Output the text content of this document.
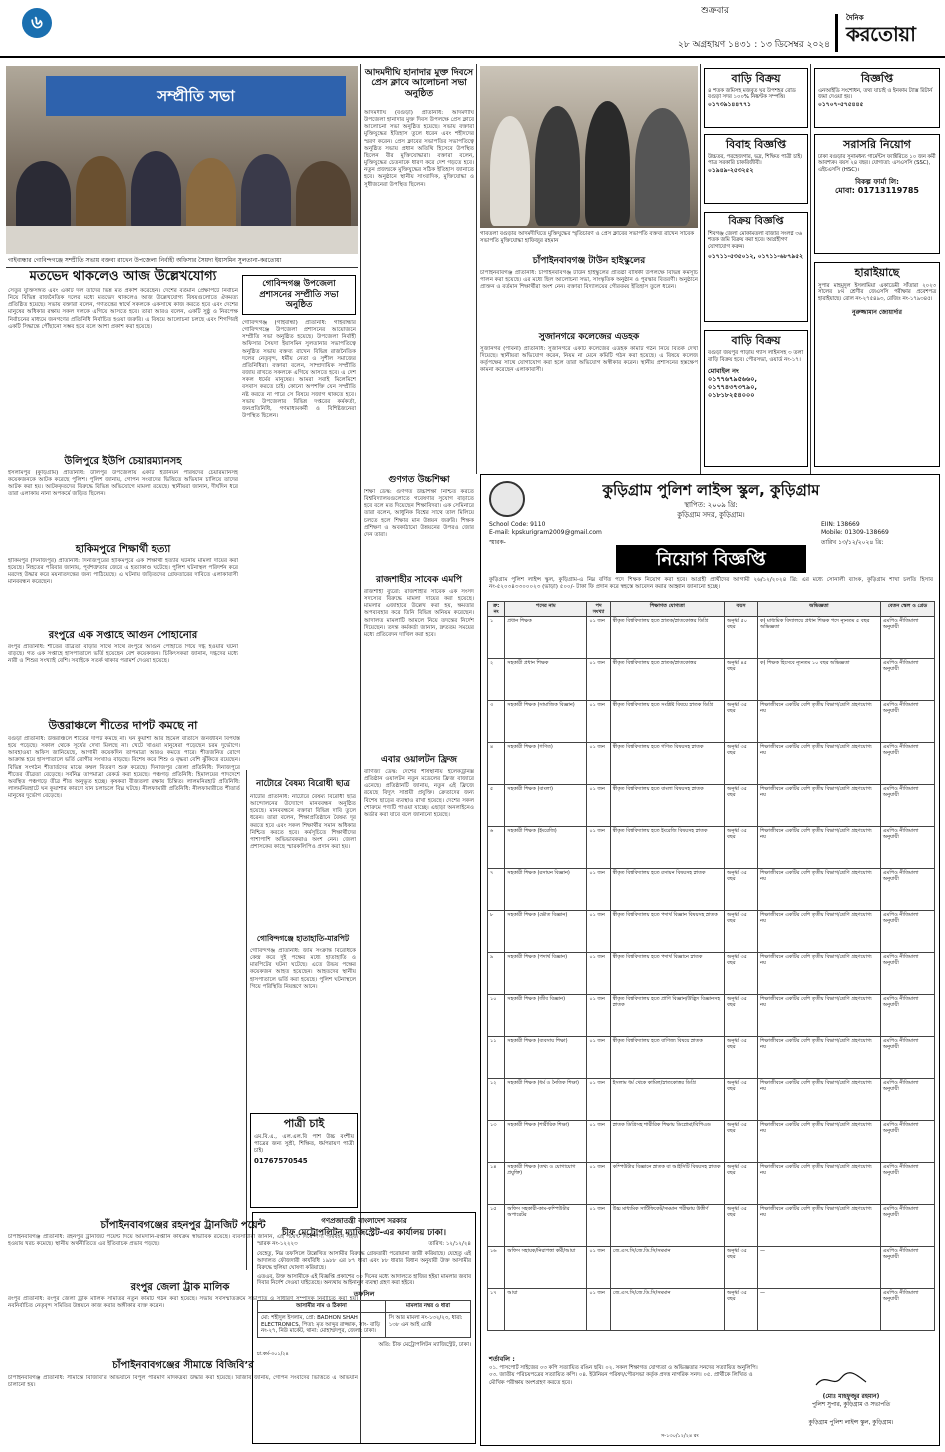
৬
শুক্রবার
২৮ অগ্রহায়ণ ১৪৩১ : ১৩ ডিসেম্বর ২০২৪
দৈনিক
করতোয়া
সম্প্রীতি সভা
গাইবান্ধার গোবিন্দগঞ্জে সম্প্রীতি সভায় বক্তব্য রাখেন উপজেলা নির্বাহী অফিসার সৈয়দা ইয়াসমিন সুলতানা-করতোয়া
মতভেদ থাকলেও আজ উল্লেখযোগ্য
সেতুর যুক্তিসঙ্গত এবং একটি দল তাদের ভিন্ন মত প্রকাশ করেছেন। দেশের বর্তমান প্রেক্ষাপটে নির্বাচন নিয়ে বিভিন্ন রাজনৈতিক দলের মধ্যে মতভেদ থাকলেও আজ উল্লেখযোগ্য বিষয়গুলোতে ঐকমত্য প্রতিষ্ঠিত হয়েছে। সভায় বক্তারা বলেন, গণতন্ত্রের স্বার্থে সকলকে একসাথে কাজ করতে হবে এবং দেশের মানুষের অধিকার রক্ষায় সকল দলকে এগিয়ে আসতে হবে। তারা আরও বলেন, একটি সুষ্ঠু ও নিরপেক্ষ নির্বাচনের মাধ্যমে জনগণের প্রতিনিধি নির্বাচিত হওয়া জরুরি। এ বিষয়ে আলোচনা চলছে এবং শিগগিরই একটি সিদ্ধান্তে পৌঁছানো সম্ভব হবে বলে আশা প্রকাশ করা হয়েছে।
গোবিন্দগঞ্জ উপজেলা প্রশাসনের সম্প্রীতি সভা অনুষ্ঠিত
গোবিন্দগঞ্জ (গাইবান্ধা) প্রতিনিধি: গাইবান্ধার গোবিন্দগঞ্জে উপজেলা প্রশাসনের আয়োজনে সম্প্রীতি সভা অনুষ্ঠিত হয়েছে। উপজেলা নির্বাহী অফিসার সৈয়দা ইয়াসমিন সুলতানার সভাপতিত্বে অনুষ্ঠিত সভায় বক্তব্য রাখেন বিভিন্ন রাজনৈতিক দলের নেতৃবৃন্দ, ধর্মীয় নেতা ও সুশীল সমাজের প্রতিনিধিরা। বক্তারা বলেন, সাম্প্রদায়িক সম্প্রীতি বজায় রাখতে সকলকে এগিয়ে আসতে হবে। এ দেশ সকল ধর্মের মানুষের। আমরা সবাই মিলেমিশে বসবাস করতে চাই। কোনো অপশক্তি যেন সম্প্রীতি নষ্ট করতে না পারে সে বিষয়ে সজাগ থাকতে হবে। সভায় উপজেলার বিভিন্ন দপ্তরের কর্মকর্তা, জনপ্রতিনিধি, গণমাধ্যমকর্মী ও বিশিষ্টজনেরা উপস্থিত ছিলেন।
উলিপুরে ইউপি চেয়ারম্যানসহ
ইসলামপুর (কুড়িগ্রাম) প্রতিনিধি: উলিপুর উপজেলায় একটি ইউনিয়ন পরিষদের চেয়ারম্যানসহ কয়েকজনকে আটক করেছে পুলিশ। পুলিশ জানায়, গোপন সংবাদের ভিত্তিতে অভিযান চালিয়ে তাদের আটক করা হয়। আটককৃতদের বিরুদ্ধে বিভিন্ন অভিযোগে মামলা রয়েছে। স্থানীয়রা জানান, দীর্ঘদিন ধরে তারা এলাকায় নানা অপকর্মে জড়িত ছিলেন।
হাকিমপুরে শিক্ষার্থী হত্যা
হাকিমপুর (দিনাজপুর) প্রতিনিধি: দিনাজপুরের হাকিমপুরে এক শিক্ষার্থী হত্যার ঘটনায় মামলা দায়ের করা হয়েছে। নিহতের পরিবার জানায়, পূর্বশত্রুতার জেরে এ হত্যাকাণ্ড ঘটেছে। পুলিশ ঘটনাস্থল পরিদর্শন করে মরদেহ উদ্ধার করে ময়নাতদন্তের জন্য পাঠিয়েছে। এ ঘটনায় জড়িতদের গ্রেফতারের দাবিতে এলাকাবাসী মানববন্ধন করেছেন।
রংপুরে এক সপ্তাহে আগুন পোহানোর
রংপুর প্রতিনিধি: শীতের তীব্রতা বাড়ার সাথে সাথে রংপুরে আগুন পোহাতে গিয়ে দগ্ধ হওয়ার ঘটনা বাড়ছে। গত এক সপ্তাহে হাসপাতালে ভর্তি হয়েছেন বেশ কয়েকজন। চিকিৎসকরা জানান, দগ্ধদের মধ্যে নারী ও শিশুর সংখ্যাই বেশি। সবাইকে সতর্ক থাকার পরামর্শ দেওয়া হয়েছে।
উত্তরাঞ্চলে শীতের দাপট কমছে না
বগুড়া প্রতিনিধি: উত্তরাঞ্চলে শীতের দাপট কমছে না। ঘন কুয়াশা আর হিমেল বাতাসে জনজীবন বিপর্যস্ত হয়ে পড়েছে। সকাল থেকে সূর্যের দেখা মিলছে না। খেটে খাওয়া মানুষেরা পড়েছেন চরম দুর্ভোগে। আবহাওয়া অফিস জানিয়েছে, আগামী কয়েকদিন তাপমাত্রা আরও কমতে পারে। শীতজনিত রোগে আক্রান্ত হয়ে হাসপাতালে ভর্তি রোগীর সংখ্যাও বাড়ছে। বিশেষ করে শিশু ও বৃদ্ধরা বেশি ঝুঁকিতে রয়েছেন। বিভিন্ন সংগঠন শীতার্তদের মাঝে কম্বল বিতরণ শুরু করেছে। দিনাজপুর জেলা প্রতিনিধি: দিনাজপুরে শীতের তীব্রতা বেড়েছে। সর্বনিম্ন তাপমাত্রা রেকর্ড করা হয়েছে। পঞ্চগড় প্রতিনিধি: হিমালয়ের পাদদেশে অবস্থিত পঞ্চগড়ে তীব্র শীত অনুভূত হচ্ছে। কৃষকরা বীজতলা রক্ষায় চিন্তিত। লালমনিরহাট প্রতিনিধি: লালমনিরহাটে ঘন কুয়াশার কারণে যান চলাচলে বিঘ্ন ঘটছে। নীলফামারী প্রতিনিধি: নীলফামারীতে শীতার্ত মানুষের দুর্ভোগ বেড়েছে।
নাটোরে বৈষম্য বিরোধী ছাত্র
নাটোর প্রতিনিধি: নাটোরে বৈষম্য বিরোধী ছাত্র আন্দোলনের উদ্যোগে মানববন্ধন অনুষ্ঠিত হয়েছে। মানববন্ধনে বক্তারা বিভিন্ন দাবি তুলে ধরেন। তারা বলেন, শিক্ষাপ্রতিষ্ঠানে বৈষম্য দূর করতে হবে এবং সকল শিক্ষার্থীর সমান অধিকার নিশ্চিত করতে হবে। কর্মসূচিতে শিক্ষার্থীদের পাশাপাশি অভিভাবকরাও অংশ নেন। জেলা প্রশাসকের কাছে স্মারকলিপিও প্রদান করা হয়।
গোবিন্দগঞ্জে হাতাহাতি-মারপিট
গোবিন্দগঞ্জ প্রতিনিধি: জমি সংক্রান্ত বিরোধকে কেন্দ্র করে দুই পক্ষের মধ্যে হাতাহাতি ও মারপিটের ঘটনা ঘটেছে। এতে উভয় পক্ষের কয়েকজন আহত হয়েছেন। আহতদের স্থানীয় হাসপাতালে ভর্তি করা হয়েছে। পুলিশ ঘটনাস্থলে গিয়ে পরিস্থিতি নিয়ন্ত্রণে আনে।
চাঁপাইনবাবগঞ্জের রহনপুর ট্রানজিট পয়েন্ট
চাঁপাইনবাবগঞ্জ প্রতিনিধি: রহনপুর ট্রানজিট পয়েন্ট দিয়ে আমদানি-রপ্তানি কার্যক্রম স্বাভাবিক রয়েছে। ব্যবসায়ীরা জানান, এই পয়েন্ট দিয়ে পণ্য পরিবহন সহজ হওয়ায় খরচ কমেছে। স্থানীয় অর্থনীতিতে এর ইতিবাচক প্রভাব পড়ছে।
রংপুর জেলা ট্রাক মালিক
রংপুর প্রতিনিধি: রংপুর জেলা ট্রাক মালিক সমিতির নতুন কমিটি গঠন করা হয়েছে। সভায় সর্বসম্মতিক্রমে সভাপতি ও সাধারণ সম্পাদক নির্বাচিত করা হয়। নবনির্বাচিত নেতৃবৃন্দ সমিতির উন্নয়নে কাজ করার অঙ্গীকার ব্যক্ত করেন।
চাঁপাইনবাবগঞ্জের সীমান্তে বিজিবি’র
চাঁপাইনবাবগঞ্জ প্রতিনিধি: সীমান্তে বিজিবি’র অভিযানে বিপুল পরিমাণ মাদকদ্রব্য উদ্ধার করা হয়েছে। বিজিবি জানায়, গোপন সংবাদের ভিত্তিতে এ অভিযান চালানো হয়।
পাত্রী চাই
এম.বি.এ., এল.এল.বি পাশ উচ্চ বংশীয় পাত্রের জন্য সুশ্রী, শিক্ষিত, ধর্মপরায়ণ পাত্রী চাই।
01767570545
আদমদীঘি হানাদার মুক্ত দিবসে প্রেস ক্লাবে আলোচনা সভা অনুষ্ঠিত
আদমদীঘি (বগুড়া) প্রতিনিধি: আদমদীঘি উপজেলা হানাদার মুক্ত দিবস উপলক্ষে প্রেস ক্লাবে আলোচনা সভা অনুষ্ঠিত হয়েছে। সভায় বক্তারা মুক্তিযুদ্ধের ইতিহাস তুলে ধরেন এবং শহীদদের স্মরণ করেন। প্রেস ক্লাবের সভাপতির সভাপতিত্বে অনুষ্ঠিত সভায় প্রধান অতিথি হিসেবে উপস্থিত ছিলেন বীর মুক্তিযোদ্ধারা। বক্তারা বলেন, মুক্তিযুদ্ধের চেতনাকে ধারণ করে দেশ গড়তে হবে। নতুন প্রজন্মকে মুক্তিযুদ্ধের সঠিক ইতিহাস জানাতে হবে। অনুষ্ঠানে স্থানীয় সাংবাদিক, মুক্তিযোদ্ধা ও সুধীজনেরা উপস্থিত ছিলেন।
গাবতলা বগুড়ার আদমদীঘিতে মুক্তিযুদ্ধের স্মৃতিচারণ ও প্রেস ক্লাবের সভাপতি বক্তব্য রাখেন সাবেক সভাপতি মুক্তিযোদ্ধা হাফিজুর রহমান
চাঁপাইনবাবগঞ্জ টাউন হাইস্কুলের
চাঁপাইনবাবগঞ্জ প্রতিনিধি: চাঁপাইনবাবগঞ্জ টাউন হাইস্কুলের প্রতিষ্ঠা বার্ষিকী উপলক্ষে বিভিন্ন কর্মসূচি পালন করা হয়েছে। এর মধ্যে ছিল আলোচনা সভা, সাংস্কৃতিক অনুষ্ঠান ও পুরস্কার বিতরণী। অনুষ্ঠানে প্রাক্তন ও বর্তমান শিক্ষার্থীরা অংশ নেন। বক্তারা বিদ্যালয়ের গৌরবময় ইতিহাস তুলে ধরেন।
সুজানগরে কলেজের এডহক
সুজানগর (পাবনা) প্রতিনিধি: সুজানগরে একটি কলেজের এডহক কমিটি গঠন নিয়ে বিতর্ক দেখা দিয়েছে। স্থানীয়রা অভিযোগ করেন, নিয়ম না মেনে কমিটি গঠন করা হয়েছে। এ বিষয়ে কলেজ কর্তৃপক্ষের সাথে যোগাযোগ করা হলে তারা অভিযোগ অস্বীকার করেন। স্থানীয় প্রশাসনের হস্তক্ষেপ কামনা করেছেন এলাকাবাসী।
গুণগত উচ্চশিক্ষা
শিক্ষা ডেস্ক: গুণগত উচ্চশিক্ষা নিশ্চিত করতে বিশ্ববিদ্যালয়গুলোতে গবেষণার সুযোগ বাড়াতে হবে বলে মত দিয়েছেন শিক্ষাবিদরা। এক সেমিনারে তারা বলেন, আধুনিক বিশ্বের সাথে তাল মিলিয়ে চলতে হলে শিক্ষার মান উন্নয়ন জরুরি। শিক্ষক প্রশিক্ষণ ও অবকাঠামো উন্নয়নের উপরও জোর দেন তারা।
বাড়ি বিক্রয়
৪ শতক জমিসহ মজবুত ঘর উপশহর রোড বগুড়া সদর ১০০% নিষ্কণ্টক সম্পত্তি।
০১৭৩৯১৪৪৭৭১
বিজ্ঞপ্তি
এনআইডি সংশোধন, তথ্য যাচাই ও ইনকাম ট্যাক্স রিটার্ন জমা দেওয়া হয়।
০১৭০৭-৫৭৫৪৪৫
বিবাহ বিজ্ঞপ্তি
উচ্চতর, পরহেজগার, ভদ্র, শিক্ষিত পাত্রী চাই। পাত্র সরকারি চাকরিজীবী।
০১৯৪৯-২৫৩২৫২
সরাসরি নিয়োগ
ঢাকা বগুড়ার সুনামধন্য গার্মেন্টস ফ্যাক্টরিতে ১০ জন কর্মী আবশ্যক। বয়স ২৪ বছর। যোগ্যতা: এসএসসি (SSC), এইচএসসি (HSC)।
বিকল্প ফার্মা লি:
মোবা: 01713119785
বিক্রয় বিজ্ঞপ্তি
শিবগঞ্জ জেলা মোকামতলা বাজার সংলগ্ন ৩৬ শতক জমি বিক্রয় করা হবে। আগ্রহীগণ যোগাযোগ করুন।
০১৭১১-৫৩৫০১২, ০১৭১১-৬৮৭৯৫২
হারাইয়াছে
সুপার মাহমুদুল ইসলামিয়া একাডেমী সাঁতারা ২০২৩ সালের ৮ম শ্রেণীর জেএসসি পরীক্ষার প্রবেশপত্র হারাইয়াছে। রোল নং-২৭৫৪৯৩, রেজিঃ নং-১৭৯৩৪৫।
নুরুজ্জামান জোয়ার্দার
বাড়ি বিক্রয়
বগুড়া জয়পুর পাড়ায় গ্যাস লাইনসহ ৩ তলা বাড়ি বিক্রয় হবে। পৌরসভা, ওয়ার্ড নং-১৭।
মোবাইল নং
০১৭৭৬৭৯৫৬৬০, ০১৭৭৪৩৭৩৭৯০, ০১৮১৮২৫৪০০০
রাজশাহীর সাবেক এমপি
রাজশাহী ব্যুরো: রাজশাহীর সাবেক এক সংসদ সদস্যের বিরুদ্ধে মামলা দায়ের করা হয়েছে। মামলার এজাহারে উল্লেখ করা হয়, ক্ষমতার অপব্যবহার করে তিনি বিভিন্ন অনিয়ম করেছেন। আদালত মামলাটি আমলে নিয়ে তদন্তের নির্দেশ দিয়েছেন। তদন্ত কর্মকর্তা জানান, দ্রুততম সময়ের মধ্যে প্রতিবেদন দাখিল করা হবে।
এবার ওয়ালটন ফ্রিজ
বাণিজ্য ডেস্ক: দেশের শীর্ষস্থানীয় ইলেকট্রনিক্স প্রতিষ্ঠান ওয়ালটন নতুন মডেলের ফ্রিজ বাজারে এনেছে। প্রতিষ্ঠানটি জানায়, নতুন এই ফ্রিজে রয়েছে বিদ্যুৎ সাশ্রয়ী প্রযুক্তি। ক্রেতাদের জন্য বিশেষ ছাড়ের ব্যবস্থাও রাখা হয়েছে। দেশের সকল শোরুমে পণ্যটি পাওয়া যাচ্ছে। এছাড়া অনলাইনেও অর্ডার করা যাবে বলে জানানো হয়েছে।
গণপ্রজাতন্ত্রী বাংলাদেশ সরকার
চীফ মেট্রোপলিটন ম্যাজিস্ট্রেট-এর কার্যালয় ঢাকা।
স্মারক নং-১২২২৩	তারিখ: ১২/১২/২৪
যেহেতু, নিম্ন তফসিলে উল্লেখিত আসামীর বিরুদ্ধে গ্রেফতারী পরোয়ানা জারী করিয়াছে। যেহেতু এই আদালত ফৌজদারী কার্যবিধি ১৯৮৮ এর ৮৭ ধারা এবং ৮৮ ধারার বিধান অনুযায়ী উক্ত আসামীর বিরুদ্ধে হুলিয়া ঘোষণা করিয়াছে।
এতএব, উক্ত আসামীকে এই বিজ্ঞপ্তি প্রকাশের ৩০ দিনের মধ্যে আদালতে হাজির হইয়া মামলার জবাব দিবার নির্দেশ দেওয়া যাইতেছে। অন্যথায় আইনানুগ ব্যবস্থা গ্রহণ করা হইবে।
তফসিল
আসামীর নাম ও ঠিকানা	মামলার নম্বর ও ধারা
মো: শহীদুল ইসলাম, প্রো: BADHON SHAH ELECTRONICS, পিতা: মৃত আব্দুর রাজ্জাক, সাং- বাড়ি নং-২৭, নিউ মার্কেট, থানা: মোহাম্মদপুর, জেলা: ঢাকা।	সি আর মামলা নং-১৩২/২৩, ধারা: ১৩৮ এন আই এ্যাক্ট
অতি: চীফ মেট্রোপলিটন ম্যাজিস্ট্রেট, ঢাকা।
চা.কর্ম-৩০১/২৪
কুড়িগ্রাম পুলিশ লাইন্স স্কুল, কুড়িগ্রাম
স্থাপিত: ২০০৯ খ্রি:
কুড়িগ্রাম সদর, কুড়িগ্রাম।
School Code: 9110
E-mail: kpskurigram2009@gmail.com
EIIN: 138669
Mobile: 01309-138669
স্মারক-	তারিখ ১৩/১২/২০২৪ খ্রি:
নিয়োগ বিজ্ঞপ্তি
কুড়িগ্রাম পুলিশ লাইন্স স্কুল, কুড়িগ্রাম-এ নিম্ন বর্ণিত পদে শিক্ষক নিয়োগ করা হবে। আগ্রহী প্রার্থীদের আগামী ২৬/১২/২০২৪ খ্রি: এর মধ্যে সোনালী ব্যাংক, কুড়িগ্রাম শাখা চলতি হিসাব নং-৫২০৩৪৩৩০০০২৩ (ভাড়া) ৫০০/- টাকা ফি প্রদান করে স্বহস্তে আবেদন করার আহ্বান জানানো হচ্ছে।
ক্র: নং	পদের নাম	পদ সংখ্যা	শিক্ষাগত যোগ্যতা	বয়স	অভিজ্ঞতা	বেতন স্কেল ও গ্রেড
১	প্রধান শিক্ষক	০১ জন	স্বীকৃত বিশ্ববিদ্যালয় হতে স্নাতক/স্নাতকোত্তর ডিগ্রি	অনূর্ধ্ব ৫০ বছর	ক) মাধ্যমিক বিদ্যালয়ে প্রধান শিক্ষক পদে ন্যূনতম ৫ বছর অভিজ্ঞতা	এমপিও নীতিমালা অনুযায়ী
২	সহকারী প্রধান শিক্ষক	০১ জন	স্বীকৃত বিশ্ববিদ্যালয় হতে স্নাতক/স্নাতকোত্তর	অনূর্ধ্ব ৪৫ বছর	ক) শিক্ষক হিসেবে ন্যূনতম ১০ বছর অভিজ্ঞতা	এমপিও নীতিমালা অনুযায়ী
৩	সহকারী শিক্ষক (সামাজিক বিজ্ঞান)	০১ জন	স্বীকৃত বিশ্ববিদ্যালয় হতে সংশ্লিষ্ট বিষয়ে স্নাতক ডিগ্রি	অনূর্ধ্ব ৩৫ বছর	শিক্ষাজীবনে একটির বেশি তৃতীয় বিভাগ/শ্রেণি গ্রহণযোগ্য নয়	এমপিও নীতিমালা অনুযায়ী
৪	সহকারী শিক্ষক (গণিত)	০১ জন	স্বীকৃত বিশ্ববিদ্যালয় হতে গণিত বিষয়সহ স্নাতক	অনূর্ধ্ব ৩৫ বছর	শিক্ষাজীবনে একটির বেশি তৃতীয় বিভাগ/শ্রেণি গ্রহণযোগ্য নয়	এমপিও নীতিমালা অনুযায়ী
৫	সহকারী শিক্ষক (বাংলা)	০১ জন	স্বীকৃত বিশ্ববিদ্যালয় হতে বাংলা বিষয়সহ স্নাতক	অনূর্ধ্ব ৩৫ বছর	শিক্ষাজীবনে একটির বেশি তৃতীয় বিভাগ/শ্রেণি গ্রহণযোগ্য নয়	এমপিও নীতিমালা অনুযায়ী
৬	সহকারী শিক্ষক (ইংরেজি)	০১ জন	স্বীকৃত বিশ্ববিদ্যালয় হতে ইংরেজি বিষয়সহ স্নাতক	অনূর্ধ্ব ৩৫ বছর	শিক্ষাজীবনে একটির বেশি তৃতীয় বিভাগ/শ্রেণি গ্রহণযোগ্য নয়	এমপিও নীতিমালা অনুযায়ী
৭	সহকারী শিক্ষক (রসায়ন বিজ্ঞান)	০১ জন	স্বীকৃত বিশ্ববিদ্যালয় হতে রসায়ন বিষয়সহ স্নাতক	অনূর্ধ্ব ৩৫ বছর	শিক্ষাজীবনে একটির বেশি তৃতীয় বিভাগ/শ্রেণি গ্রহণযোগ্য নয়	এমপিও নীতিমালা অনুযায়ী
৮	সহকারী শিক্ষক (ভৌত বিজ্ঞান)	০১ জন	স্বীকৃত বিশ্ববিদ্যালয় হতে পদার্থ বিজ্ঞান বিষয়সহ স্নাতক	অনূর্ধ্ব ৩৫ বছর	শিক্ষাজীবনে একটির বেশি তৃতীয় বিভাগ/শ্রেণি গ্রহণযোগ্য নয়	এমপিও নীতিমালা অনুযায়ী
৯	সহকারী শিক্ষক (পদার্থ বিজ্ঞান)	০১ জন	স্বীকৃত বিশ্ববিদ্যালয় হতে পদার্থ বিজ্ঞানে স্নাতক	অনূর্ধ্ব ৩৫ বছর	শিক্ষাজীবনে একটির বেশি তৃতীয় বিভাগ/শ্রেণি গ্রহণযোগ্য নয়	এমপিও নীতিমালা অনুযায়ী
১০	সহকারী শিক্ষক (জীব বিজ্ঞান)	০১ জন	স্বীকৃত বিশ্ববিদ্যালয় হতে প্রাণি বিজ্ঞান/উদ্ভিদ বিজ্ঞানসহ স্নাতক	অনূর্ধ্ব ৩৫ বছর	শিক্ষাজীবনে একটির বেশি তৃতীয় বিভাগ/শ্রেণি গ্রহণযোগ্য নয়	এমপিও নীতিমালা অনুযায়ী
১১	সহকারী শিক্ষক (ব্যবসায় শিক্ষা)	০১ জন	স্বীকৃত বিশ্ববিদ্যালয় হতে বাণিজ্য বিষয়ে স্নাতক	অনূর্ধ্ব ৩৫ বছর	শিক্ষাজীবনে একটির বেশি তৃতীয় বিভাগ/শ্রেণি গ্রহণযোগ্য নয়	এমপিও নীতিমালা অনুযায়ী
১২	সহকারী শিক্ষক (ধর্ম ও নৈতিক শিক্ষা)	০১ জন	ইসলাম ধর্ম থেকে কামিল/স্নাতকোত্তর ডিগ্রি	অনূর্ধ্ব ৩৫ বছর	শিক্ষাজীবনে একটির বেশি তৃতীয় বিভাগ/শ্রেণি গ্রহণযোগ্য নয়	এমপিও নীতিমালা অনুযায়ী
১৩	সহকারী শিক্ষক (শারীরিক শিক্ষা)	০১ জন	স্নাতক ডিগ্রিসহ শারীরিক শিক্ষায় ডিপ্লোমা/বিপিএড	অনূর্ধ্ব ৩৫ বছর	শিক্ষাজীবনে একটির বেশি তৃতীয় বিভাগ/শ্রেণি গ্রহণযোগ্য নয়	এমপিও নীতিমালা অনুযায়ী
১৪	সহকারী শিক্ষক (তথ্য ও যোগাযোগ প্রযুক্তি)	০১ জন	কম্পিউটার বিজ্ঞানে স্নাতক বা আইসিটি বিষয়সহ স্নাতক	অনূর্ধ্ব ৩৫ বছর	শিক্ষাজীবনে একটির বেশি তৃতীয় বিভাগ/শ্রেণি গ্রহণযোগ্য নয়	এমপিও নীতিমালা অনুযায়ী
১৫	অফিস সহকারী-কাম-কম্পিউটার অপারেটর	০১ জন	উচ্চ মাধ্যমিক সার্টিফিকেট/সমমান পরীক্ষায় উত্তীর্ণ	অনূর্ধ্ব ৩৫ বছর	শিক্ষাজীবনে একটির বেশি তৃতীয় বিভাগ/শ্রেণি গ্রহণযোগ্য নয়	এমপিও নীতিমালা অনুযায়ী
১৬	অফিস সহায়ক/নিরাপত্তা কর্মী/আয়া	০১ জন	জে.এস.সি/জে.ডি.সি/সমমান	অনূর্ধ্ব ৩৫ বছর	—	এমপিও নীতিমালা অনুযায়ী
১৭	আয়া	০১ জন	জে.এস.সি/জে.ডি.সি/সমমান	অনূর্ধ্ব ৩৫ বছর	—	এমপিও নীতিমালা অনুযায়ী
শর্তাবলি :
০১. পাসপোর্ট সাইজের ০৩ কপি সত্যায়িত রঙিন ছবি। ০২. সকল শিক্ষাগত যোগ্যতা ও অভিজ্ঞতার সনদের সত্যায়িত অনুলিপি। ০৩. জাতীয় পরিচয়পত্রের সত্যায়িত কপি। ০৪. ইউনিয়ন পরিষদ/পৌরসভা কর্তৃক প্রদত্ত নাগরিক সনদ। ০৫. প্রার্থীকে লিখিত ও মৌখিক পরীক্ষায় অংশগ্রহণ করতে হবে।
(মোঃ মাহফুজুর রহমান)
পুলিশ সুপার, কুড়িগ্রাম ও সভাপতি
কুড়িগ্রাম পুলিশ লাইন্স স্কুল, কুড়িগ্রাম।
স-১৩০/১২/২৪ রং
